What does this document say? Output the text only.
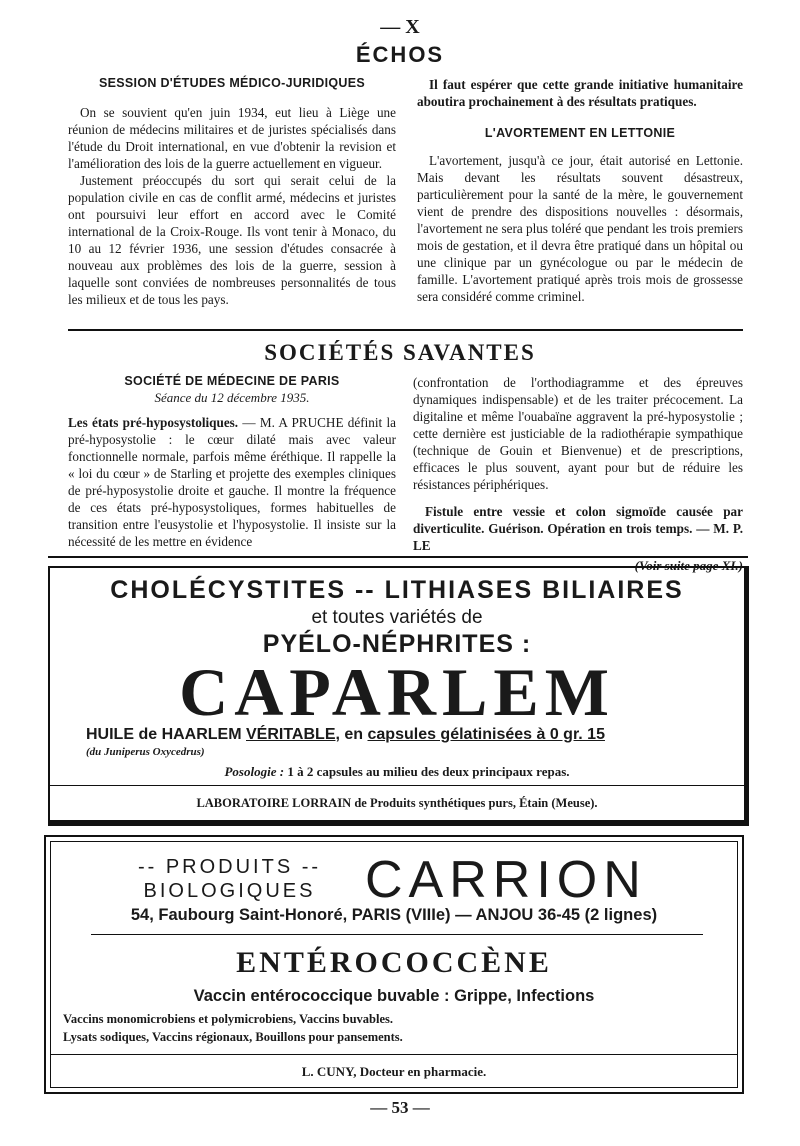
— X
ÉCHOS
SESSION D'ÉTUDES MÉDICO-JURIDIQUES

On se souvient qu'en juin 1934, eut lieu à Liège une réunion de médecins militaires et de juristes spécialisés dans l'étude du Droit international, en vue d'obtenir la revision et l'amélioration des lois de la guerre actuellement en vigueur.

Justement préoccupés du sort qui serait celui de la population civile en cas de conflit armé, médecins et juristes ont poursuivi leur effort en accord avec le Comité international de la Croix-Rouge. Ils vont tenir à Monaco, du 10 au 12 février 1936, une session d'études consacrée à nouveau aux problèmes des lois de la guerre, session à laquelle sont conviées de nombreuses personnalités de tous les milieux et de tous les pays.

Il faut espérer que cette grande initiative humanitaire aboutira prochainement à des résultats pratiques.

L'AVORTEMENT EN LETTONIE

L'avortement, jusqu'à ce jour, était autorisé en Lettonie. Mais devant les résultats souvent désastreux, particulièrement pour la santé de la mère, le gouvernement vient de prendre des dispositions nouvelles : désormais, l'avortement ne sera plus toléré que pendant les trois premiers mois de gestation, et il devra être pratiqué dans un hôpital ou une clinique par un gynécologue ou par le médecin de famille. L'avortement pratiqué après trois mois de grossesse sera considéré comme criminel.

SOCIÉTÉS SAVANTES
SOCIÉTÉ DE MÉDECINE DE PARIS
Séance du 12 décembre 1935.

Les états pré-hyposystoliques. — M. A PRUCHE définit la pré-hyposystolie : le cœur dilaté mais avec valeur fonctionnelle normale, parfois même éréthique. Il rappelle la « loi du cœur » de Starling et projette des exemples cliniques de pré-hyposystolie droite et gauche. Il montre la fréquence de ces états pré-hyposystoliques, formes habituelles de transition entre l'eusystolie et l'hyposystolie. Il insiste sur la nécessité de les mettre en évidence

(confrontation de l'orthodiagramme et des épreuves dynamiques indispensable) et de les traiter précocement. La digitaline et même l'ouabaïne aggravent la pré-hyposystolie ; cette dernière est justiciable de la radiothérapie sympathique (technique de Gouin et Bienvenue) et de prescriptions, efficaces le plus souvent, ayant pour but de réduire les résistances périphériques.

Fistule entre vessie et colon sigmoïde causée par diverticulite. Guérison. Opération en trois temps. — M. P. LE

(Voir suite page XI.)
CHOLÉCYSTITES -- LITHIASES BILIAIRES
et toutes variétés de
PYÉLO-NÉPHRITES :
CAPARLEM
HUILE de HAARLEM VÉRITABLE, en capsules gélatinisées à 0 gr. 15
(du Juniperus Oxycedrus)
Posologie : 1 à 2 capsules au milieu des deux principaux repas.
LABORATOIRE LORRAIN de Produits synthétiques purs, Étain (Meuse).
-- PRODUITS --
BIOLOGIQUES CARRION
54, Faubourg Saint-Honoré, PARIS (VIIIe) — ANJOU 36-45 (2 lignes)
ENTÉROCOCCÈNE
Vaccin entérococcique buvable : Grippe, Infections
Vaccins monomicrobiens et polymicrobiens, Vaccins buvables.
Lysats sodiques, Vaccins régionaux, Bouillons pour pansements.
L. CUNY, Docteur en pharmacie.
— 53 —
